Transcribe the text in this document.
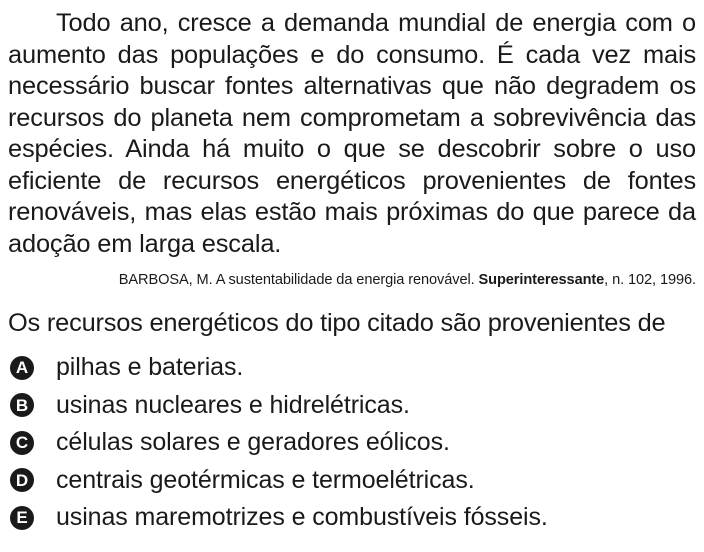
Todo ano, cresce a demanda mundial de energia com o aumento das populações e do consumo. É cada vez mais necessário buscar fontes alternativas que não degradem os recursos do planeta nem comprometam a sobrevivência das espécies. Ainda há muito o que se descobrir sobre o uso eficiente de recursos energéticos provenientes de fontes renováveis, mas elas estão mais próximas do que parece da adoção em larga escala.

BARBOSA, M. A sustentabilidade da energia renovável. Superinteressante, n. 102, 1996.

Os recursos energéticos do tipo citado são provenientes de

A pilhas e baterias.
B usinas nucleares e hidrelétricas.
C células solares e geradores eólicos.
D centrais geotérmicas e termoelétricas.
E usinas maremotrizes e combustíveis fósseis.
